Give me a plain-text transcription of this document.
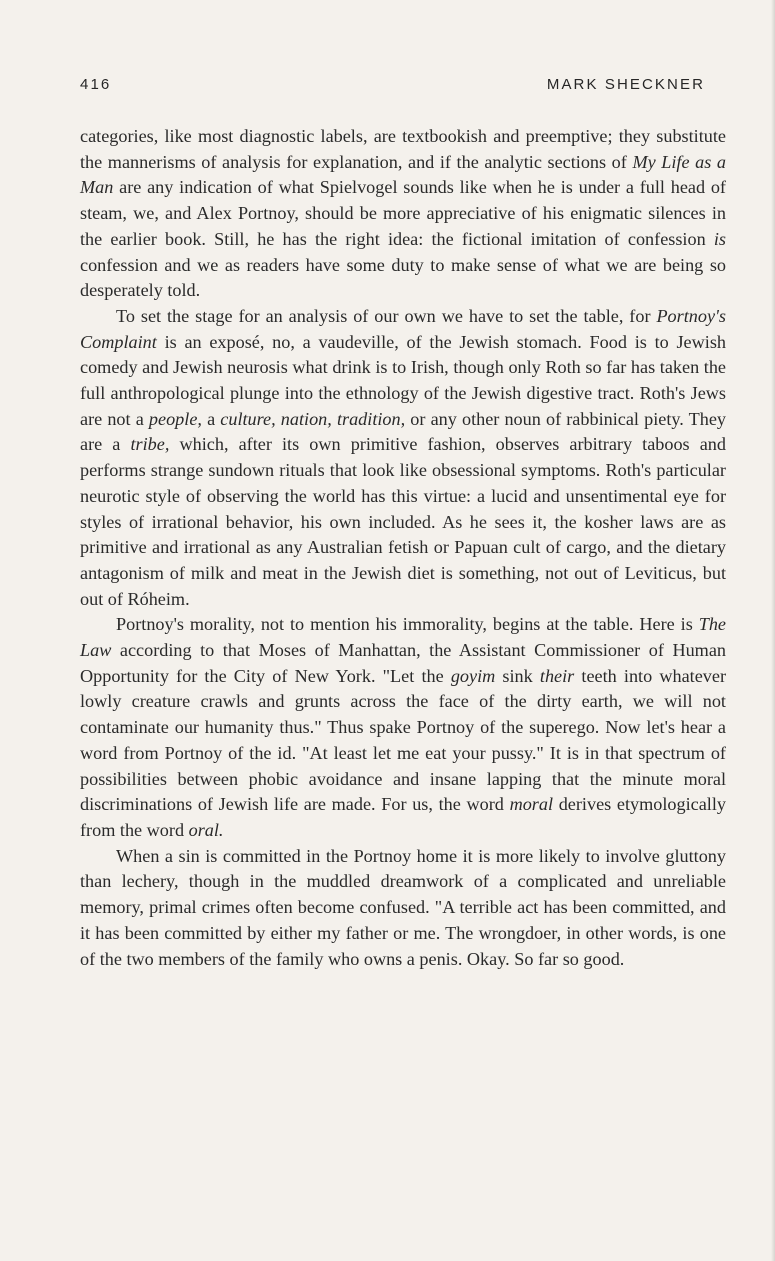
416	MARK SHECKNER

categories, like most diagnostic labels, are textbookish and preemptive; they substitute the mannerisms of analysis for explanation, and if the analytic sections of My Life as a Man are any indication of what Spielvogel sounds like when he is under a full head of steam, we, and Alex Portnoy, should be more appreciative of his enigmatic silences in the earlier book. Still, he has the right idea: the fictional imitation of confession is confession and we as readers have some duty to make sense of what we are being so desperately told.

To set the stage for an analysis of our own we have to set the table, for Portnoy's Complaint is an exposé, no, a vaudeville, of the Jewish stomach. Food is to Jewish comedy and Jewish neurosis what drink is to Irish, though only Roth so far has taken the full anthropological plunge into the ethnology of the Jewish digestive tract. Roth's Jews are not a people, a culture, nation, tradition, or any other noun of rabbinical piety. They are a tribe, which, after its own primitive fashion, observes arbitrary taboos and performs strange sundown rituals that look like obsessional symptoms. Roth's particular neurotic style of observing the world has this virtue: a lucid and unsentimental eye for styles of irrational behavior, his own included. As he sees it, the kosher laws are as primitive and irrational as any Australian fetish or Papuan cult of cargo, and the dietary antagonism of milk and meat in the Jewish diet is something, not out of Leviticus, but out of Róheim.

Portnoy's morality, not to mention his immorality, begins at the table. Here is The Law according to that Moses of Manhattan, the Assistant Commissioner of Human Opportunity for the City of New York. "Let the goyim sink their teeth into whatever lowly creature crawls and grunts across the face of the dirty earth, we will not contaminate our humanity thus." Thus spake Portnoy of the superego. Now let's hear a word from Portnoy of the id. "At least let me eat your pussy." It is in that spectrum of possibilities between phobic avoidance and insane lapping that the minute moral discriminations of Jewish life are made. For us, the word moral derives etymologically from the word oral.

When a sin is committed in the Portnoy home it is more likely to involve gluttony than lechery, though in the muddled dreamwork of a complicated and unreliable memory, primal crimes often become confused. "A terrible act has been committed, and it has been committed by either my father or me. The wrongdoer, in other words, is one of the two members of the family who owns a penis. Okay. So far so good.
